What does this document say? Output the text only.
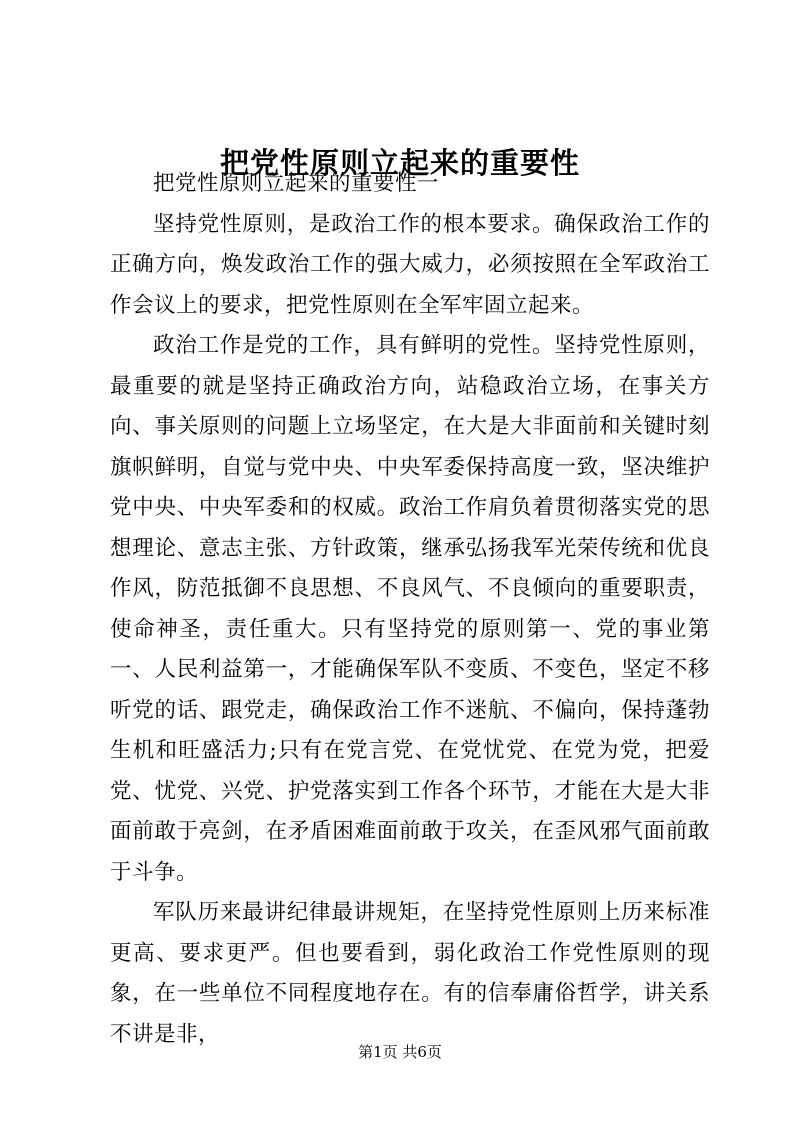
把党性原则立起来的重要性

把党性原则立起来的重要性一

坚持党性原则，是政治工作的根本要求。确保政治工作的正确方向，焕发政治工作的强大威力，必须按照在全军政治工作会议上的要求，把党性原则在全军牢固立起来。

政治工作是党的工作，具有鲜明的党性。坚持党性原则，最重要的就是坚持正确政治方向，站稳政治立场，在事关方向、事关原则的问题上立场坚定，在大是大非面前和关键时刻旗帜鲜明，自觉与党中央、中央军委保持高度一致，坚决维护党中央、中央军委和的权威。政治工作肩负着贯彻落实党的思想理论、意志主张、方针政策，继承弘扬我军光荣传统和优良作风，防范抵御不良思想、不良风气、不良倾向的重要职责，使命神圣，责任重大。只有坚持党的原则第一、党的事业第一、人民利益第一，才能确保军队不变质、不变色，坚定不移听党的话、跟党走，确保政治工作不迷航、不偏向，保持蓬勃生机和旺盛活力;只有在党言党、在党忧党、在党为党，把爱党、忧党、兴党、护党落实到工作各个环节，才能在大是大非面前敢于亮剑，在矛盾困难面前敢于攻关，在歪风邪气面前敢于斗争。

军队历来最讲纪律最讲规矩，在坚持党性原则上历来标准更高、要求更严。但也要看到，弱化政治工作党性原则的现象，在一些单位不同程度地存在。有的信奉庸俗哲学，讲关系不讲是非，

第1页 共6页
